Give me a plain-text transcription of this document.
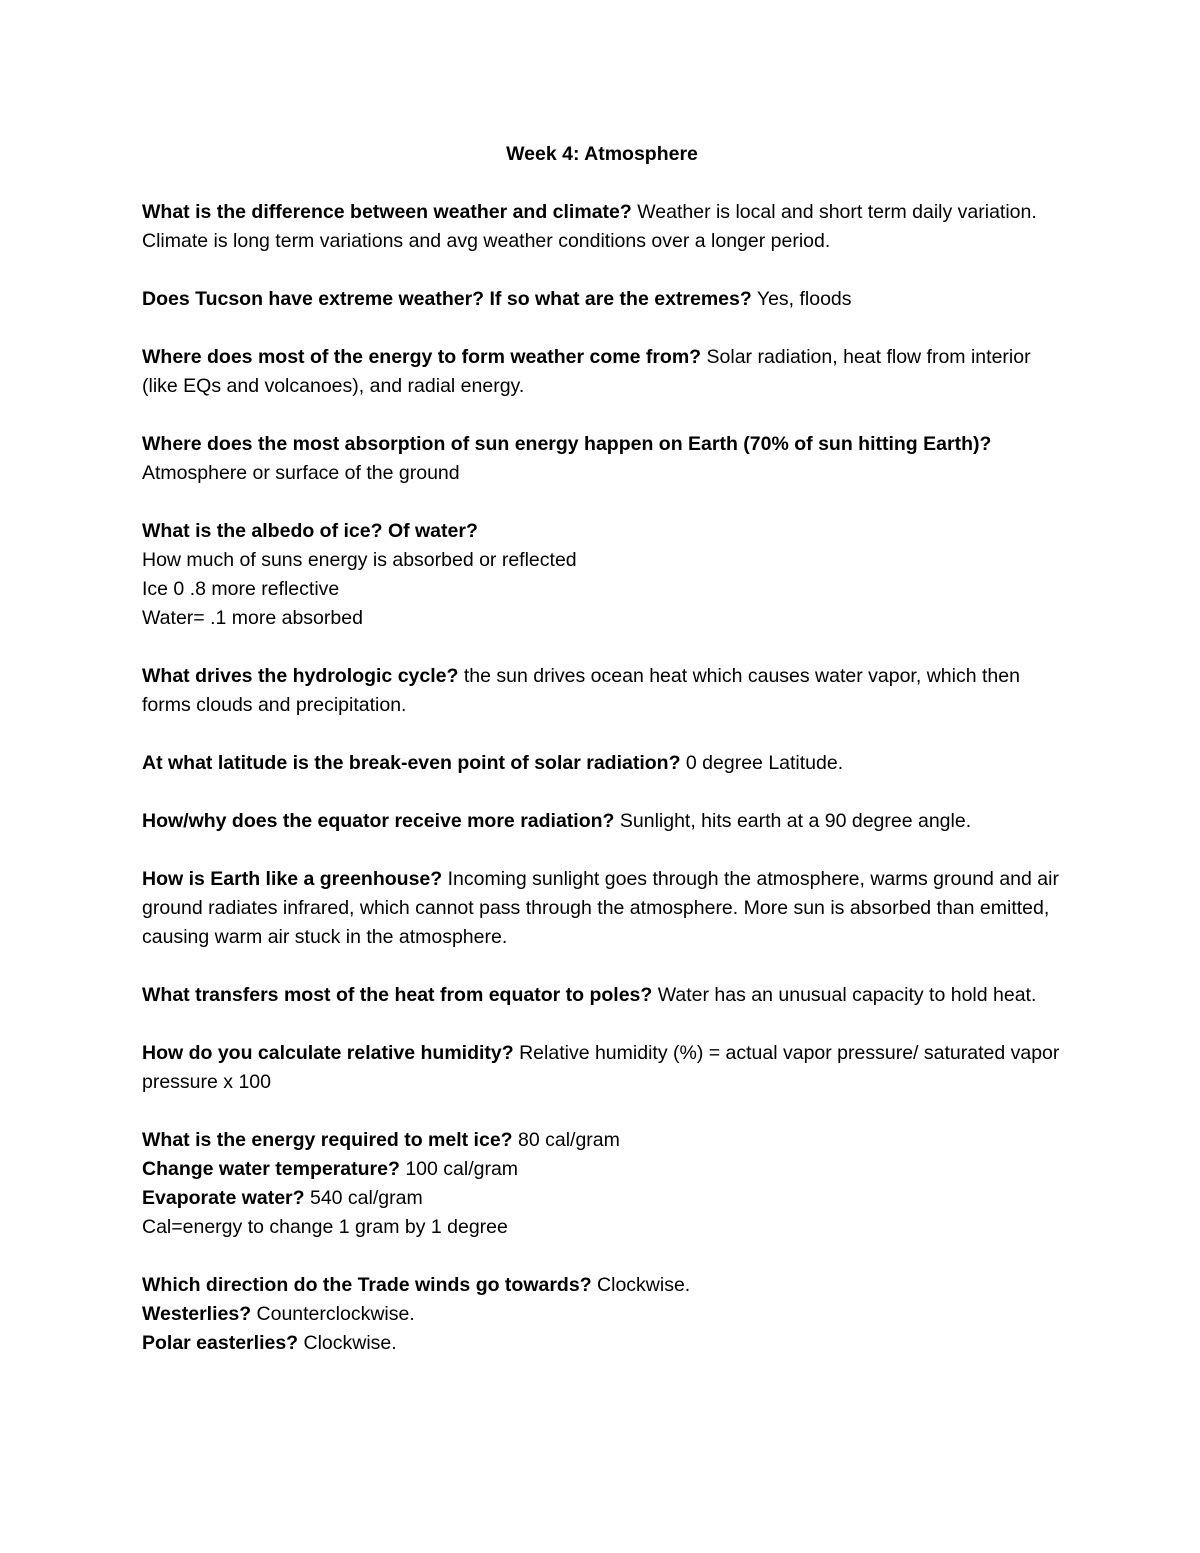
Week 4: Atmosphere
What is the difference between weather and climate? Weather is local and short term daily variation. Climate is long term variations and avg weather conditions over a longer period.
Does Tucson have extreme weather? If so what are the extremes? Yes, floods
Where does most of the energy to form weather come from? Solar radiation, heat flow from interior (like EQs and volcanoes), and radial energy.
Where does the most absorption of sun energy happen on Earth (70% of sun hitting Earth)?
Atmosphere or surface of the ground
What is the albedo of ice? Of water?
How much of suns energy is absorbed or reflected
Ice 0 .8 more reflective
Water= .1 more absorbed
What drives the hydrologic cycle? the sun drives ocean heat which causes water vapor, which then forms clouds and precipitation.
At what latitude is the break-even point of solar radiation? 0 degree Latitude.
How/why does the equator receive more radiation? Sunlight, hits earth at a 90 degree angle.
How is Earth like a greenhouse? Incoming sunlight goes through the atmosphere, warms ground and air ground radiates infrared, which cannot pass through the atmosphere. More sun is absorbed than emitted, causing warm air stuck in the atmosphere.
What transfers most of the heat from equator to poles? Water has an unusual capacity to hold heat.
How do you calculate relative humidity? Relative humidity (%) = actual vapor pressure/ saturated vapor pressure x 100
What is the energy required to melt ice? 80 cal/gram
Change water temperature? 100 cal/gram
Evaporate water? 540 cal/gram
Cal=energy to change 1 gram by 1 degree
Which direction do the Trade winds go towards? Clockwise.
Westerlies? Counterclockwise.
Polar easterlies? Clockwise.
